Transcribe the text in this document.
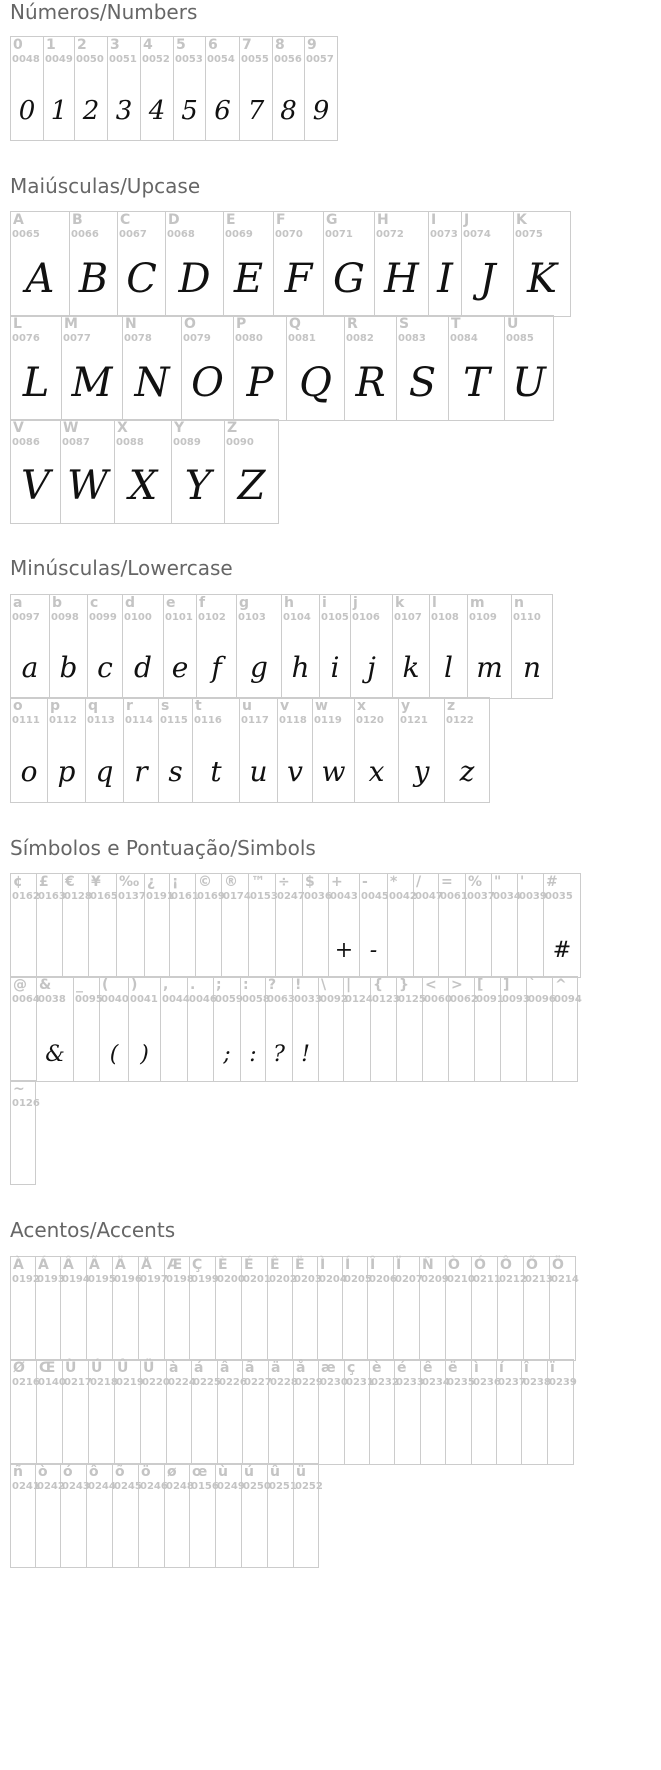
Números/Numbers
0
0048
0
1
0049
1
2
0050
2
3
0051
3
4
0052
4
5
0053
5
6
0054
6
7
0055
7
8
0056
8
9
0057
9
Maiúsculas/Upcase
A
0065
A
B
0066
B
C
0067
C
D
0068
D
E
0069
E
F
0070
F
G
0071
G
H
0072
H
I
0073
I
J
0074
J
K
0075
K
L
0076
L
M
0077
M
N
0078
N
O
0079
O
P
0080
P
Q
0081
Q
R
0082
R
S
0083
S
T
0084
T
U
0085
U
V
0086
V
W
0087
W
X
0088
X
Y
0089
Y
Z
0090
Z
Minúsculas/Lowercase
a
0097
a
b
0098
b
c
0099
c
d
0100
d
e
0101
e
f
0102
f
g
0103
g
h
0104
h
i
0105
i
j
0106
j
k
0107
k
l
0108
l
m
0109
m
n
0110
n
o
0111
o
p
0112
p
q
0113
q
r
0114
r
s
0115
s
t
0116
t
u
0117
u
v
0118
v
w
0119
w
x
0120
x
y
0121
y
z
0122
z
Símbolos e Pontuação/Simbols
¢
0162
£
0163
€
0128
¥
0165
‰
0137
¿
0191
¡
0161
©
0169
®
0174
™
0153
÷
0247
$
0036
+
0043
+
-
0045
-
*
0042
/
0047
=
0061
%
0037
"
0034
'
0039
#
0035
#
@
0064
&
0038
&
_
0095
(
0040
(
)
0041
)
,
0044
.
0046
;
0059
;
:
0058
:
?
0063
?
!
0033
!
\
0092
|
0124
{
0123
}
0125
<
0060
>
0062
[
0091
]
0093
`
0096
^
0094
~
0126
Acentos/Accents
À
0192
Á
0193
Â
0194
Ã
0195
Ä
0196
Å
0197
Æ
0198
Ç
0199
È
0200
É
0201
Ê
0202
Ë
0203
Ì
0204
Í
0205
Î
0206
Ï
0207
Ñ
0209
Ò
0210
Ó
0211
Ô
0212
Õ
0213
Ö
0214
Ø
0216
Œ
0140
Ù
0217
Ú
0218
Û
0219
Ü
0220
à
0224
á
0225
â
0226
ã
0227
ä
0228
å
0229
æ
0230
ç
0231
è
0232
é
0233
ê
0234
ë
0235
ì
0236
í
0237
î
0238
ï
0239
ñ
0241
ò
0242
ó
0243
ô
0244
õ
0245
ö
0246
ø
0248
œ
0156
ù
0249
ú
0250
û
0251
ü
0252
